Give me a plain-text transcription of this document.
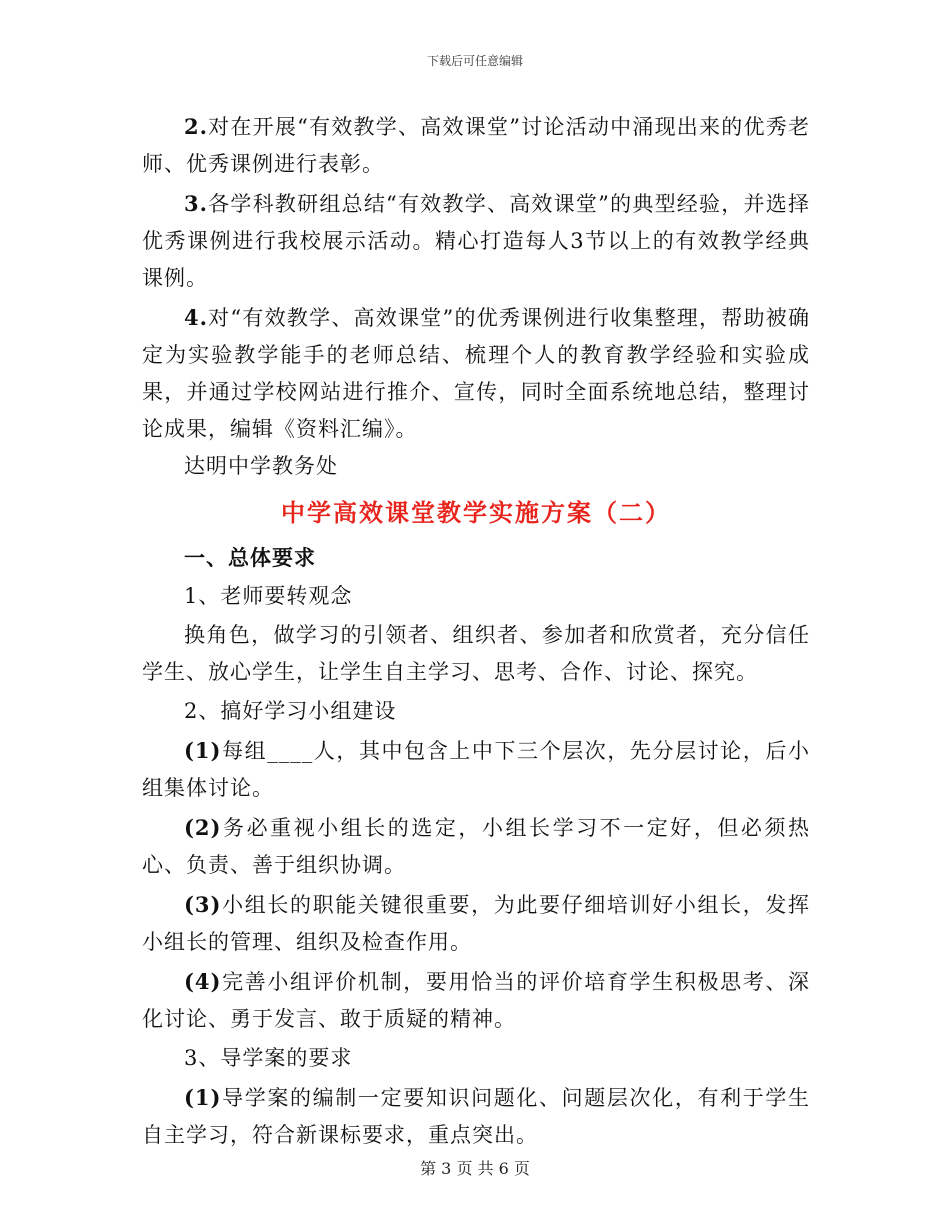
下载后可任意编辑

2.对在开展“有效教学、高效课堂”讨论活动中涌现出来的优秀老师、优秀课例进行表彰。

3.各学科教研组总结“有效教学、高效课堂”的典型经验，并选择优秀课例进行我校展示活动。精心打造每人3节以上的有效教学经典课例。

4.对“有效教学、高效课堂”的优秀课例进行收集整理，帮助被确定为实验教学能手的老师总结、梳理个人的教育教学经验和实验成果，并通过学校网站进行推介、宣传，同时全面系统地总结，整理讨论成果，编辑《资料汇编》。

达明中学教务处

中学高效课堂教学实施方案（二）

一、总体要求

1、老师要转观念

换角色，做学习的引领者、组织者、参加者和欣赏者，充分信任学生、放心学生，让学生自主学习、思考、合作、讨论、探究。

2、搞好学习小组建设

(1)每组____人，其中包含上中下三个层次，先分层讨论，后小组集体讨论。

(2)务必重视小组长的选定，小组长学习不一定好，但必须热心、负责、善于组织协调。

(3)小组长的职能关键很重要，为此要仔细培训好小组长，发挥小组长的管理、组织及检查作用。

(4)完善小组评价机制，要用恰当的评价培育学生积极思考、深化讨论、勇于发言、敢于质疑的精神。

3、导学案的要求

(1)导学案的编制一定要知识问题化、问题层次化，有利于学生自主学习，符合新课标要求，重点突出。

第 3 页 共 6 页
